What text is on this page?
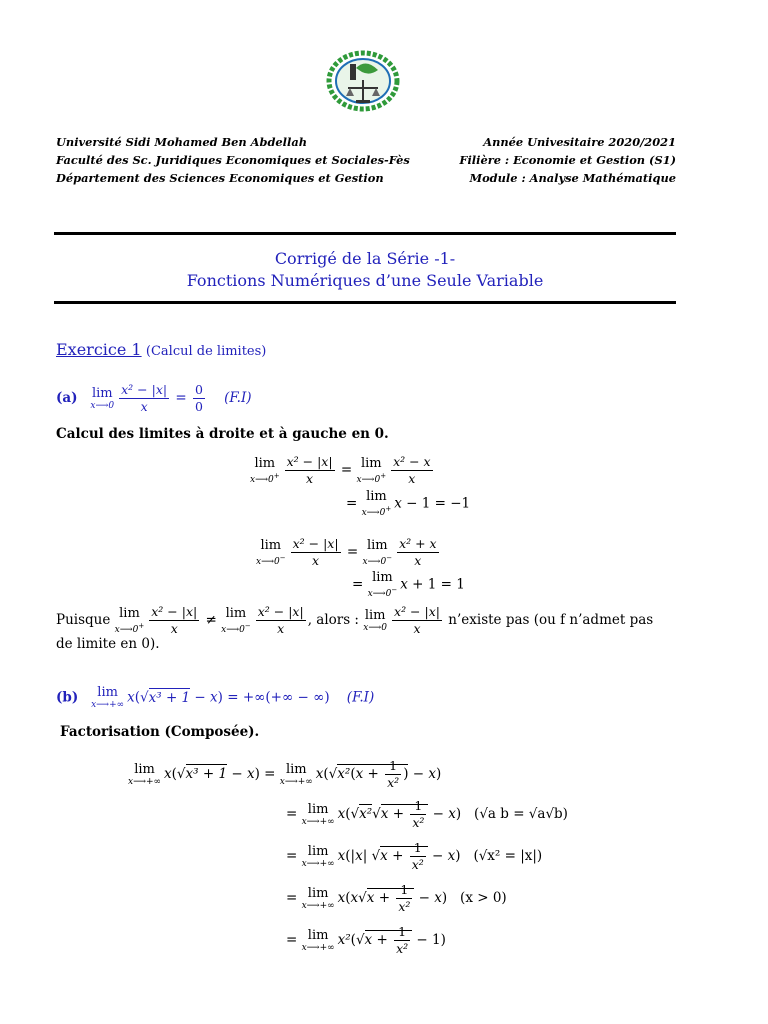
Université Sidi Mohamed Ben Abdellah
Faculté des Sc. Juridiques Economiques et Sociales-Fès
Département des Sciences Economiques et Gestion
Année Univesitaire 2020/2021
Filière : Economie et Gestion (S1)
Module : Analyse Mathématique
Corrigé de la Série -1-
Fonctions Numériques d’une Seule Variable
Exercice 1 (Calcul de limites)
(a) lim
x⟶0 $\frac{\text{x² − |x|}}{x} = \frac{0}{0} (F.I)$
Calcul des limites à droite et à gauche en 0.
lim
x⟶0+ $\frac{\text{x² − |x|}}{x} = \lim$
x⟶0+ $\frac{\text{x² − x}}{x}$
= lim
x⟶0+ x − 1 = −1
lim
x⟶0− $\frac{\text{x² − |x|}}{x} = \lim$
x⟶0− $\frac{\text{x² + x}}{x}$
= lim
x⟶0− x + 1 = 1
Puisque lim
x⟶0+ $\frac{\text{x² − |x|}}{x} \ne \lim$
x⟶0− $\frac{\text{x² − |x|}}{x}$ , alors : lim
x⟶0 $\frac{\text{x² − |x|}}{x}$ n’existe pas (ou f n’admet pas
de limite en 0).
(b)	lim
x⟶+∞ x(√x³ + 1 − x) = +∞(+∞ − ∞)    (F.I)
Factorisation (Composée).
lim
x⟶+∞ x(√x³ + 1 − x) = lim
x⟶+∞ $x(√x^2(x + \frac{1}{\text{x²}}$ ) − x)
= lim
x⟶+∞ $x(√x^2√x + \frac{1}{\text{x²}} - x)$   (√a b = √a√b)
= lim
x⟶+∞ x(|x| $√x + \frac{1}{\text{x²}} - x$)   (√x² = |x|)
= lim
x⟶+∞ $x(x√x + \frac{1}{\text{x²}} - x)$   (x > 0)
= lim
x⟶+∞ $x^2(√x + \frac{1}{\text{x²}} - 1)$
